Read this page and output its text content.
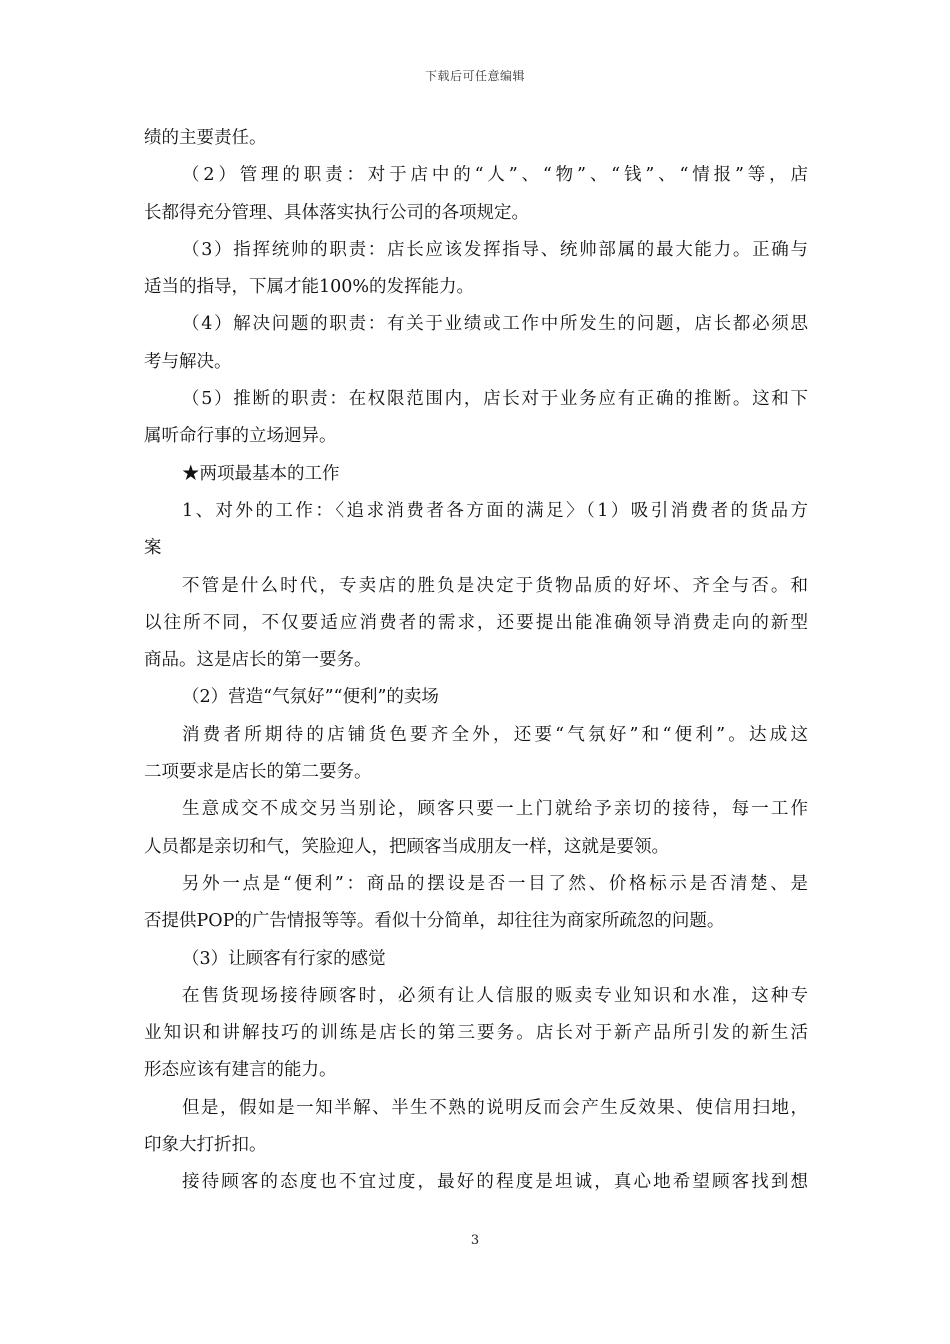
下载后可任意编辑
绩的主要责任。
（2）管理的职责：对于店中的“人”、“物”、“钱”、“情报”等，店
长都得充分管理、具体落实执行公司的各项规定。
（3）指挥统帅的职责：店长应该发挥指导、统帅部属的最大能力。正确与
适当的指导，下属才能100%的发挥能力。
（4）解决问题的职责：有关于业绩或工作中所发生的问题，店长都必须思
考与解决。
（5）推断的职责：在权限范围内，店长对于业务应有正确的推断。这和下
属听命行事的立场迥异。
★两项最基本的工作
1、对外的工作：〈追求消费者各方面的满足〉（1）吸引消费者的货品方
案
不管是什么时代，专卖店的胜负是决定于货物品质的好坏、齐全与否。和
以往所不同，不仅要适应消费者的需求，还要提出能准确领导消费走向的新型
商品。这是店长的第一要务。
（2）营造“气氛好”“便利”的卖场
消费者所期待的店铺货色要齐全外，还要“气氛好”和“便利”。达成这
二项要求是店长的第二要务。
生意成交不成交另当别论，顾客只要一上门就给予亲切的接待，每一工作
人员都是亲切和气，笑脸迎人，把顾客当成朋友一样，这就是要领。
另外一点是“便利”：商品的摆设是否一目了然、价格标示是否清楚、是
否提供POP的广告情报等等。看似十分简单，却往往为商家所疏忽的问题。
（3）让顾客有行家的感觉
在售货现场接待顾客时，必须有让人信服的贩卖专业知识和水准，这种专
业知识和讲解技巧的训练是店长的第三要务。店长对于新产品所引发的新生活
形态应该有建言的能力。
但是，假如是一知半解、半生不熟的说明反而会产生反效果、使信用扫地，
印象大打折扣。
接待顾客的态度也不宜过度，最好的程度是坦诚，真心地希望顾客找到想
3
